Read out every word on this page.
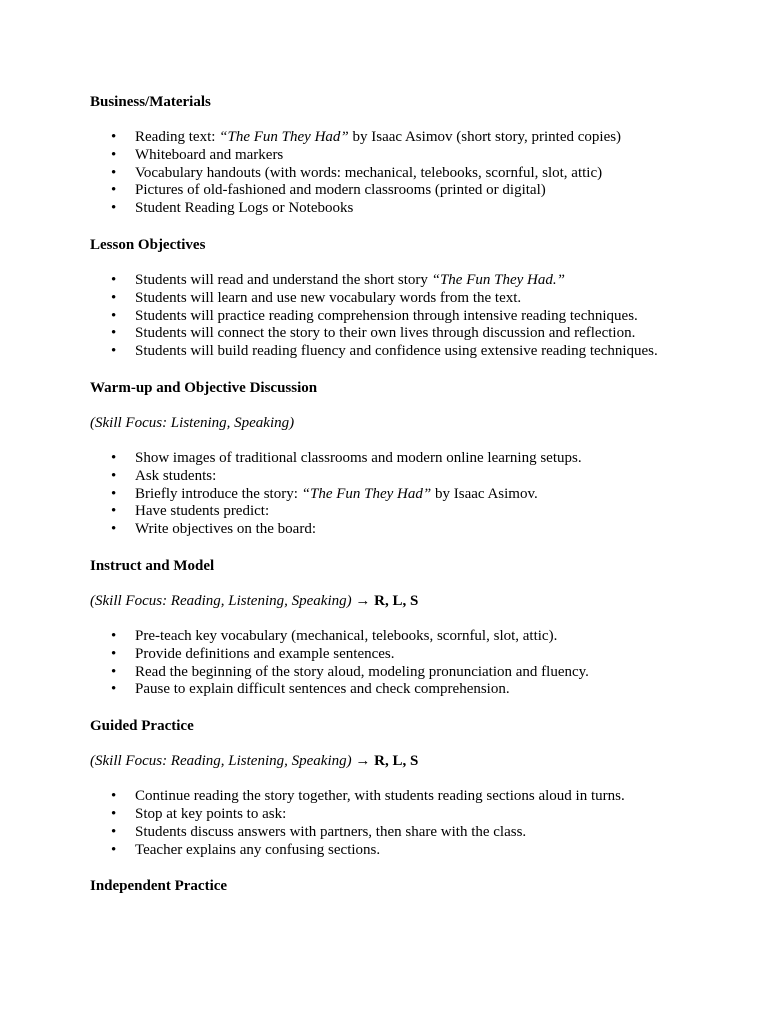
Business/Materials
• Reading text: “The Fun They Had” by Isaac Asimov (short story, printed copies)
• Whiteboard and markers
• Vocabulary handouts (with words: mechanical, telebooks, scornful, slot, attic)
• Pictures of old-fashioned and modern classrooms (printed or digital)
• Student Reading Logs or Notebooks
Lesson Objectives
• Students will read and understand the short story “The Fun They Had.”
• Students will learn and use new vocabulary words from the text.
• Students will practice reading comprehension through intensive reading techniques.
• Students will connect the story to their own lives through discussion and reflection.
• Students will build reading fluency and confidence using extensive reading techniques.
Warm-up and Objective Discussion

(Skill Focus: Listening, Speaking)

• Show images of traditional classrooms and modern online learning setups.
• Ask students:
• Briefly introduce the story: “The Fun They Had” by Isaac Asimov.
• Have students predict:
• Write objectives on the board:
Instruct and Model

(Skill Focus: Reading, Listening, Speaking) → R, L, S

• Pre-teach key vocabulary (mechanical, telebooks, scornful, slot, attic).
• Provide definitions and example sentences.
• Read the beginning of the story aloud, modeling pronunciation and fluency.
• Pause to explain difficult sentences and check comprehension.
Guided Practice

(Skill Focus: Reading, Listening, Speaking) → R, L, S

• Continue reading the story together, with students reading sections aloud in turns.
• Stop at key points to ask:
• Students discuss answers with partners, then share with the class.
• Teacher explains any confusing sections.
Independent Practice
